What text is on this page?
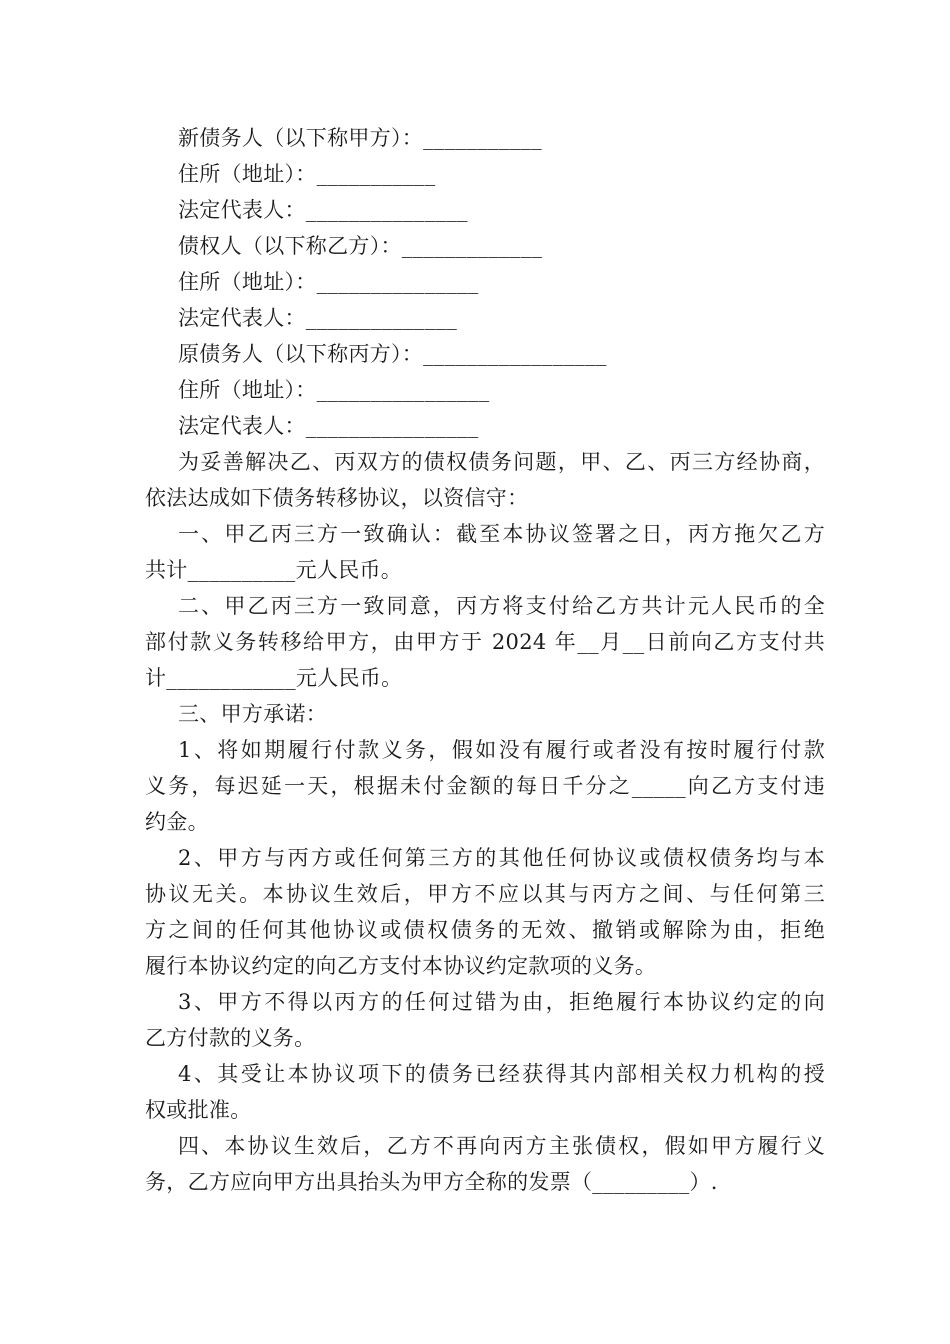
新债务人（以下称甲方）：___________
住所（地址）：___________
法定代表人：_______________
债权人（以下称乙方）：_____________
住所（地址）：_______________
法定代表人：______________
原债务人（以下称丙方）：_________________
住所（地址）：________________
法定代表人：________________
为妥善解决乙、丙双方的债权债务问题，甲、乙、丙三方经协商，
依法达成如下债务转移协议，以资信守：
一、甲乙丙三方一致确认：截至本协议签署之日，丙方拖欠乙方
共计__________元人民币。
二、甲乙丙三方一致同意，丙方将支付给乙方共计元人民币的全
部付款义务转移给甲方，由甲方于 2024 年__月__日前向乙方支付共
计____________元人民币。
三、甲方承诺：
1、将如期履行付款义务，假如没有履行或者没有按时履行付款
义务，每迟延一天，根据未付金额的每日千分之_____向乙方支付违
约金。
2、甲方与丙方或任何第三方的其他任何协议或债权债务均与本
协议无关。本协议生效后，甲方不应以其与丙方之间、与任何第三
方之间的任何其他协议或债权债务的无效、撤销或解除为由，拒绝
履行本协议约定的向乙方支付本协议约定款项的义务。
3、甲方不得以丙方的任何过错为由，拒绝履行本协议约定的向
乙方付款的义务。
4、其受让本协议项下的债务已经获得其内部相关权力机构的授
权或批准。
四、本协议生效后，乙方不再向丙方主张债权，假如甲方履行义
务，乙方应向甲方出具抬头为甲方全称的发票（_________）.
